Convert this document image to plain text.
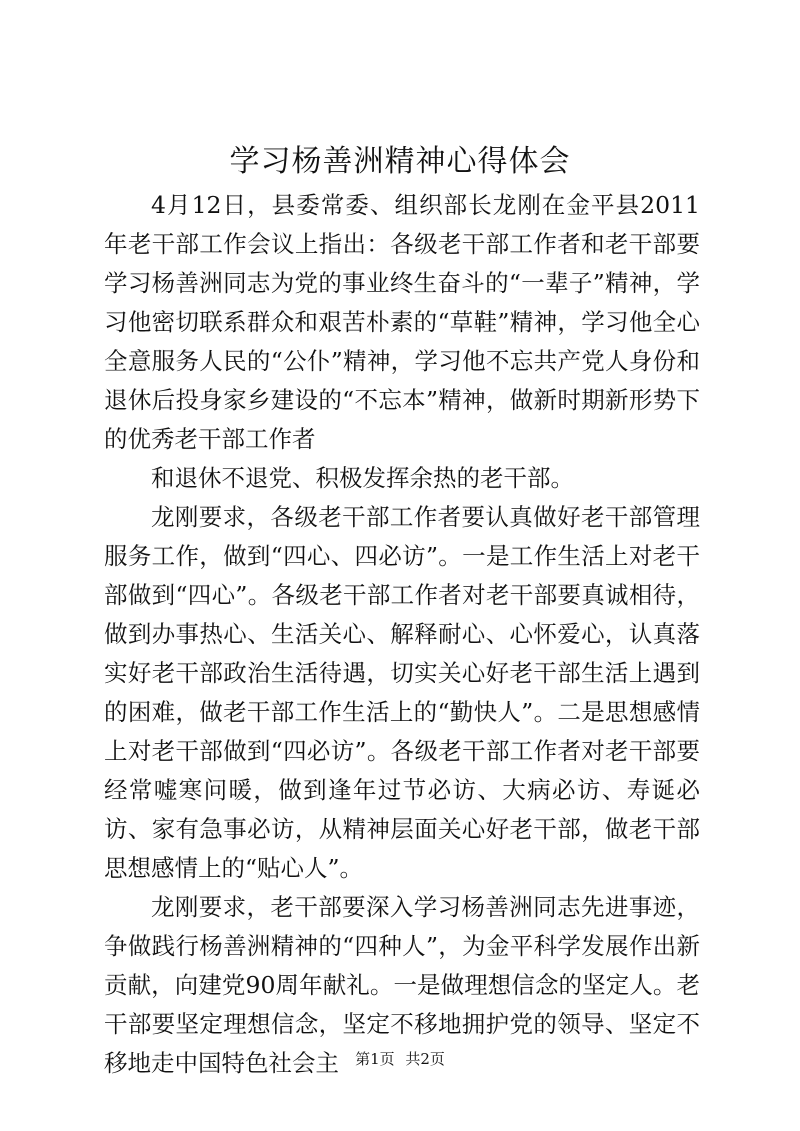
学习杨善洲精神心得体会

4月12日，县委常委、组织部长龙刚在金平县2011年老干部工作会议上指出：各级老干部工作者和老干部要学习杨善洲同志为党的事业终生奋斗的“一辈子”精神，学习他密切联系群众和艰苦朴素的“草鞋”精神，学习他全心全意服务人民的“公仆”精神，学习他不忘共产党人身份和退休后投身家乡建设的“不忘本”精神，做新时期新形势下的优秀老干部工作者

和退休不退党、积极发挥余热的老干部。

龙刚要求，各级老干部工作者要认真做好老干部管理服务工作，做到“四心、四必访”。一是工作生活上对老干部做到“四心”。各级老干部工作者对老干部要真诚相待，做到办事热心、生活关心、解释耐心、心怀爱心，认真落实好老干部政治生活待遇，切实关心好老干部生活上遇到的困难，做老干部工作生活上的“勤快人”。二是思想感情上对老干部做到“四必访”。各级老干部工作者对老干部要经常嘘寒问暖，做到逢年过节必访、大病必访、寿诞必访、家有急事必访，从精神层面关心好老干部，做老干部思想感情上的“贴心人”。

龙刚要求，老干部要深入学习杨善洲同志先进事迹，争做践行杨善洲精神的“四种人”，为金平科学发展作出新贡献，向建党90周年献礼。一是做理想信念的坚定人。老干部要坚定理想信念，坚定不移地拥护党的领导、坚定不移地走中国特色社会主	第1页 共2页
